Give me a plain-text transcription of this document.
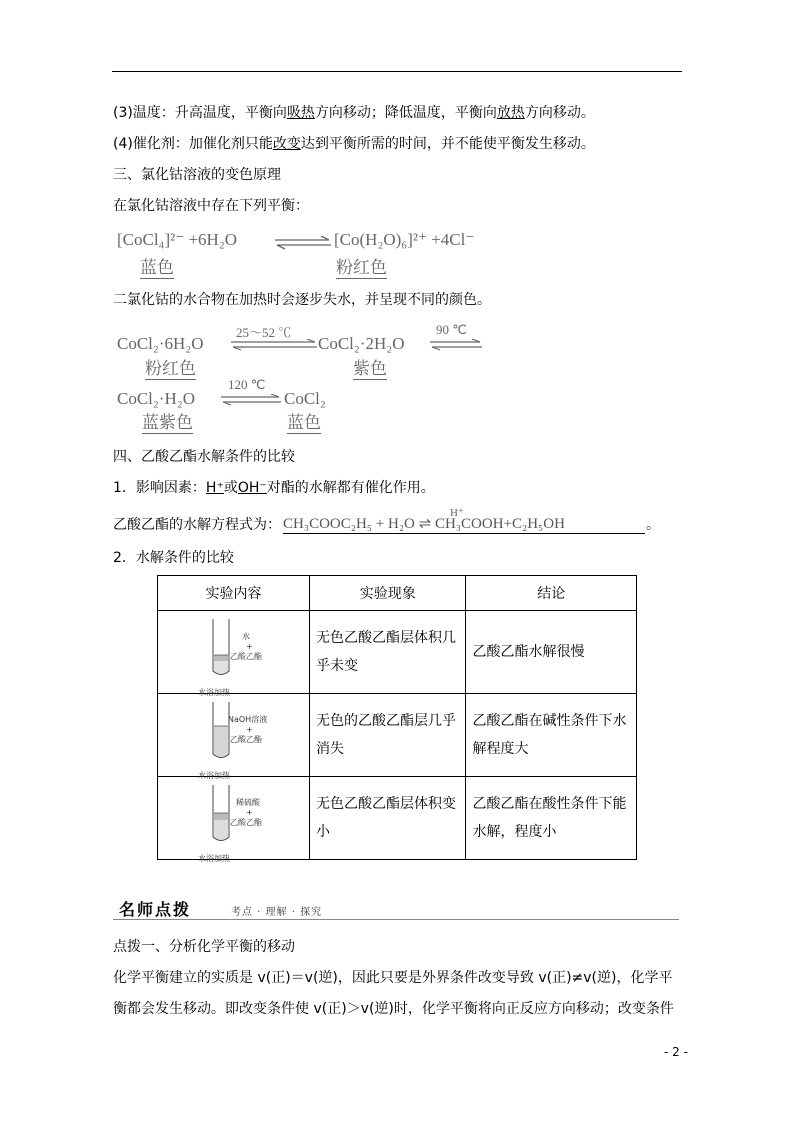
(3)温度：升高温度，平衡向吸热方向移动；降低温度，平衡向放热方向移动。
(4)催化剂：加催化剂只能改变达到平衡所需的时间，并不能使平衡发生移动。
三、氯化钴溶液的变色原理
在氯化钴溶液中存在下列平衡：
[CoCl₄]²⁻ +6H₂O ⇌ [Co(H₂O)₆]²⁺ +4Cl⁻
蓝色	粉红色
二氯化钴的水合物在加热时会逐步失水，并呈现不同的颜色。
CoCl₂·6H₂O
25～52 ℃
CoCl₂·2H₂O
90 ℃
粉红色	紫色
CoCl₂·H₂O
120 ℃
⇌ CoCl₂
蓝紫色	蓝色
四、乙酸乙酯水解条件的比较
1．影响因素：H⁺或OH⁻对酯的水解都有催化作用。
乙酸乙酯的水解方程式为：
H⁺
CH₃COOC₂H₅ + H₂O ⇌ CH₃COOH+C₂H₅OH	。
2．水解条件的比较
实验内容	实验现象	结论

水
+
乙酸乙酯
水浴加热	无色乙酸乙酯层体积几乎未变	乙酸乙酯水解很慢

NaOH溶液
+
乙酸乙酯
水浴加热	无色的乙酸乙酯层几乎消失	乙酸乙酯在碱性条件下水解程度大

稀硫酸
+
乙酸乙酯
水浴加热	无色乙酸乙酯层体积变小	乙酸乙酯在酸性条件下能水解，程度小
名师点拨	考点 · 理解 · 探究
点拨一、分析化学平衡的移动
化学平衡建立的实质是 v(正)＝v(逆)，因此只要是外界条件改变导致 v(正)≠v(逆)，化学平
衡都会发生移动。即改变条件使 v(正)＞v(逆)时，化学平衡将向正反应方向移动；改变条件
- 2 -
